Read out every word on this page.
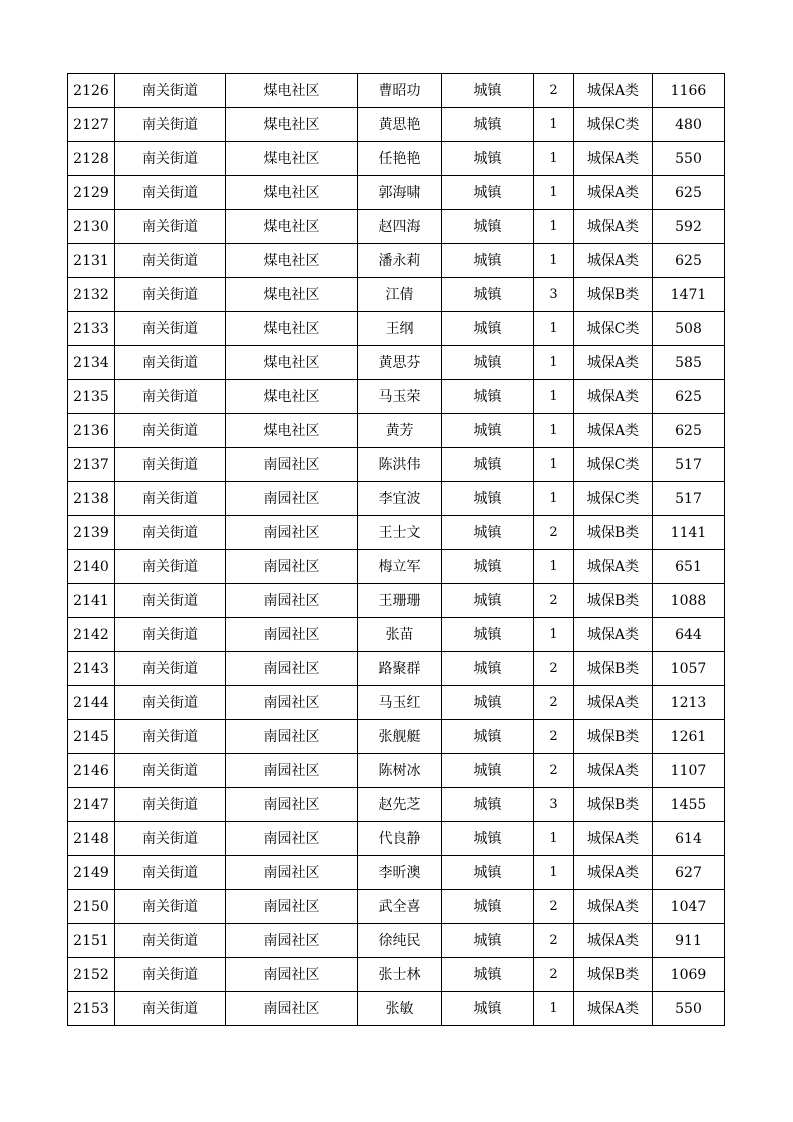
2126	南关街道	煤电社区	曹昭功	城镇	2	城保A类	1166
2127	南关街道	煤电社区	黄思艳	城镇	1	城保C类	480
2128	南关街道	煤电社区	任艳艳	城镇	1	城保A类	550
2129	南关街道	煤电社区	郭海啸	城镇	1	城保A类	625
2130	南关街道	煤电社区	赵四海	城镇	1	城保A类	592
2131	南关街道	煤电社区	潘永莉	城镇	1	城保A类	625
2132	南关街道	煤电社区	江倩	城镇	3	城保B类	1471
2133	南关街道	煤电社区	王纲	城镇	1	城保C类	508
2134	南关街道	煤电社区	黄思芬	城镇	1	城保A类	585
2135	南关街道	煤电社区	马玉荣	城镇	1	城保A类	625
2136	南关街道	煤电社区	黄芳	城镇	1	城保A类	625
2137	南关街道	南园社区	陈洪伟	城镇	1	城保C类	517
2138	南关街道	南园社区	李宜波	城镇	1	城保C类	517
2139	南关街道	南园社区	王士文	城镇	2	城保B类	1141
2140	南关街道	南园社区	梅立军	城镇	1	城保A类	651
2141	南关街道	南园社区	王珊珊	城镇	2	城保B类	1088
2142	南关街道	南园社区	张苗	城镇	1	城保A类	644
2143	南关街道	南园社区	路聚群	城镇	2	城保B类	1057
2144	南关街道	南园社区	马玉红	城镇	2	城保A类	1213
2145	南关街道	南园社区	张舰艇	城镇	2	城保B类	1261
2146	南关街道	南园社区	陈树冰	城镇	2	城保A类	1107
2147	南关街道	南园社区	赵先芝	城镇	3	城保B类	1455
2148	南关街道	南园社区	代良静	城镇	1	城保A类	614
2149	南关街道	南园社区	李昕澳	城镇	1	城保A类	627
2150	南关街道	南园社区	武全喜	城镇	2	城保A类	1047
2151	南关街道	南园社区	徐纯民	城镇	2	城保A类	911
2152	南关街道	南园社区	张士林	城镇	2	城保B类	1069
2153	南关街道	南园社区	张敏	城镇	1	城保A类	550
